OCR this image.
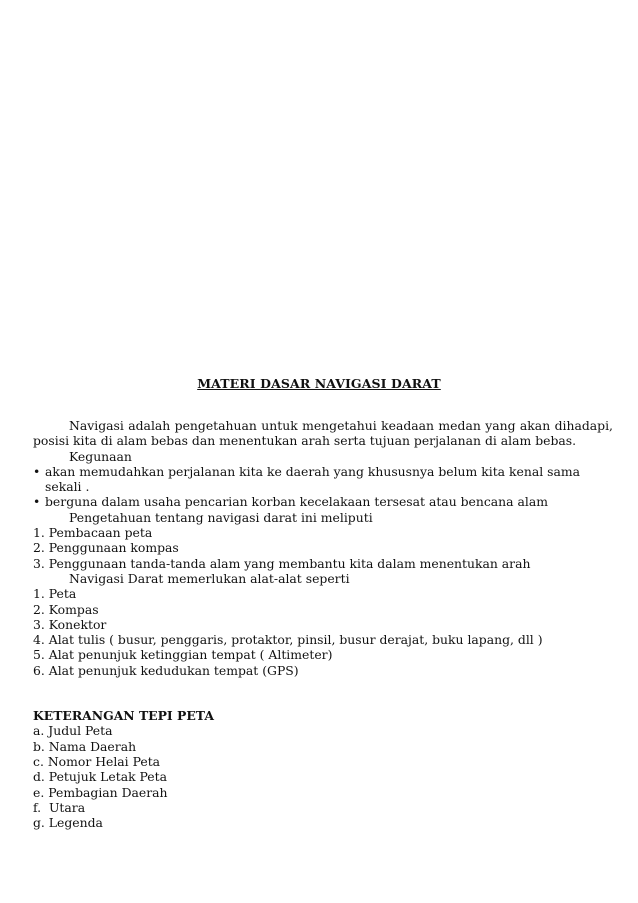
MATERI DASAR NAVIGASI DARAT

Navigasi adalah pengetahuan untuk mengetahui keadaan medan yang akan dihadapi, posisi kita di alam bebas dan menentukan arah serta tujuan perjalanan di alam bebas.

Kegunaan

• akan memudahkan perjalanan kita ke daerah yang khususnya belum kita kenal sama sekali .
• berguna dalam usaha pencarian korban kecelakaan tersesat atau bencana alam

Pengetahuan tentang navigasi darat ini meliputi

1. Pembacaan peta

2. Penggunaan kompas

3. Penggunaan tanda-tanda alam yang membantu kita dalam menentukan arah

Navigasi Darat memerlukan alat-alat seperti

1. Peta

2. Kompas

3. Konektor

4. Alat tulis ( busur, penggaris, protaktor, pinsil, busur derajat, buku lapang, dll )

5. Alat penunjuk ketinggian tempat ( Altimeter)

6. Alat penunjuk kedudukan tempat (GPS)

KETERANGAN TEPI PETA

a. Judul Peta

b. Nama Daerah

c. Nomor Helai Peta

d. Petujuk Letak Peta

e. Pembagian Daerah

f.  Utara

g. Legenda
